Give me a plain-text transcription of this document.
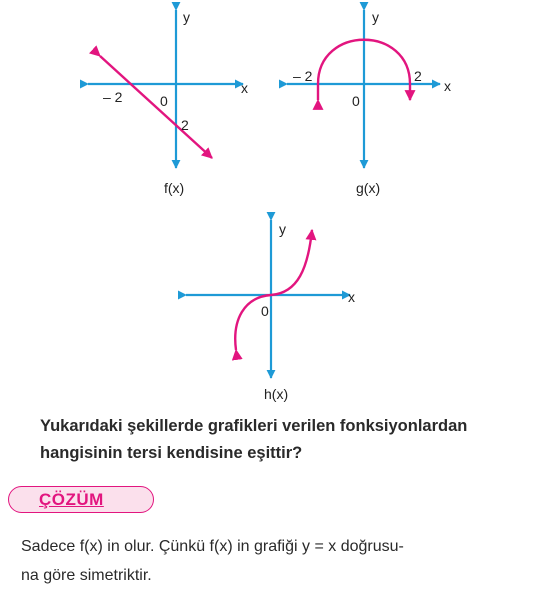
y
x
– 2	0
2
f(x)
y
x
– 2	2
0
g(x)
y
x
0
h(x)
Yukarıdaki şekillerde grafikleri verilen fonksiyonlardan
hangisinin tersi kendisine eşittir?
ÇÖZÜM
Sadece f(x) in olur. Çünkü f(x) in grafiği y = x doğrusu-
na göre simetriktir.
